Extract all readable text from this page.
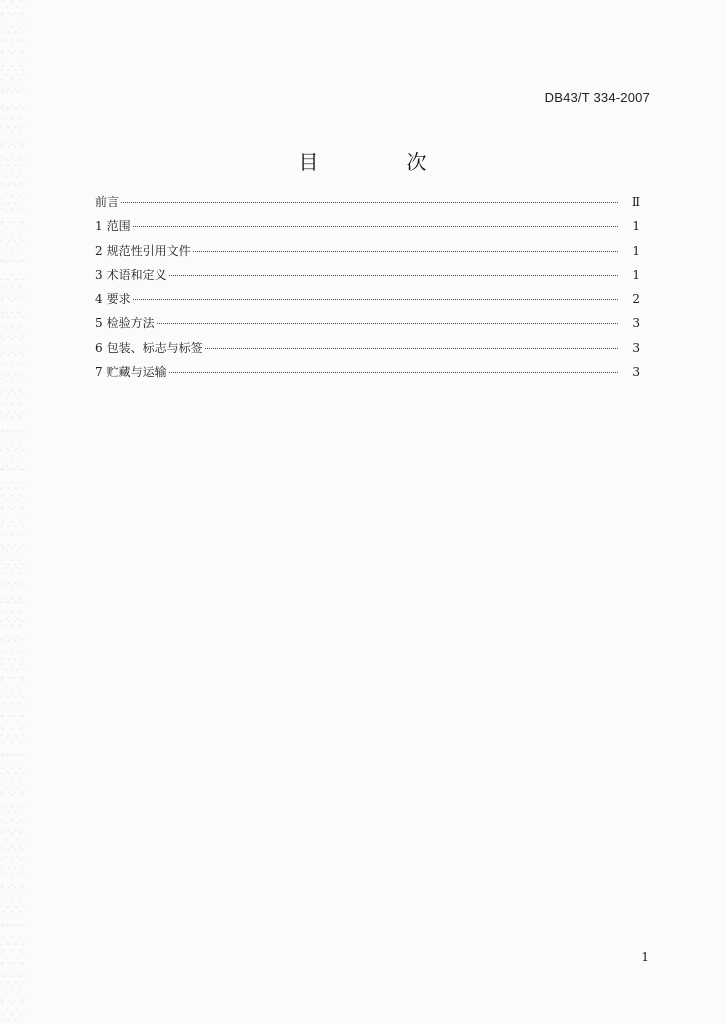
DB43/T 334-2007
目　次
前言	Ⅱ
1 范围	1
2 规范性引用文件	1
3 术语和定义	1
4 要求	2
5 检验方法	3
6 包装、标志与标签	3
7 贮藏与运输	3
1
